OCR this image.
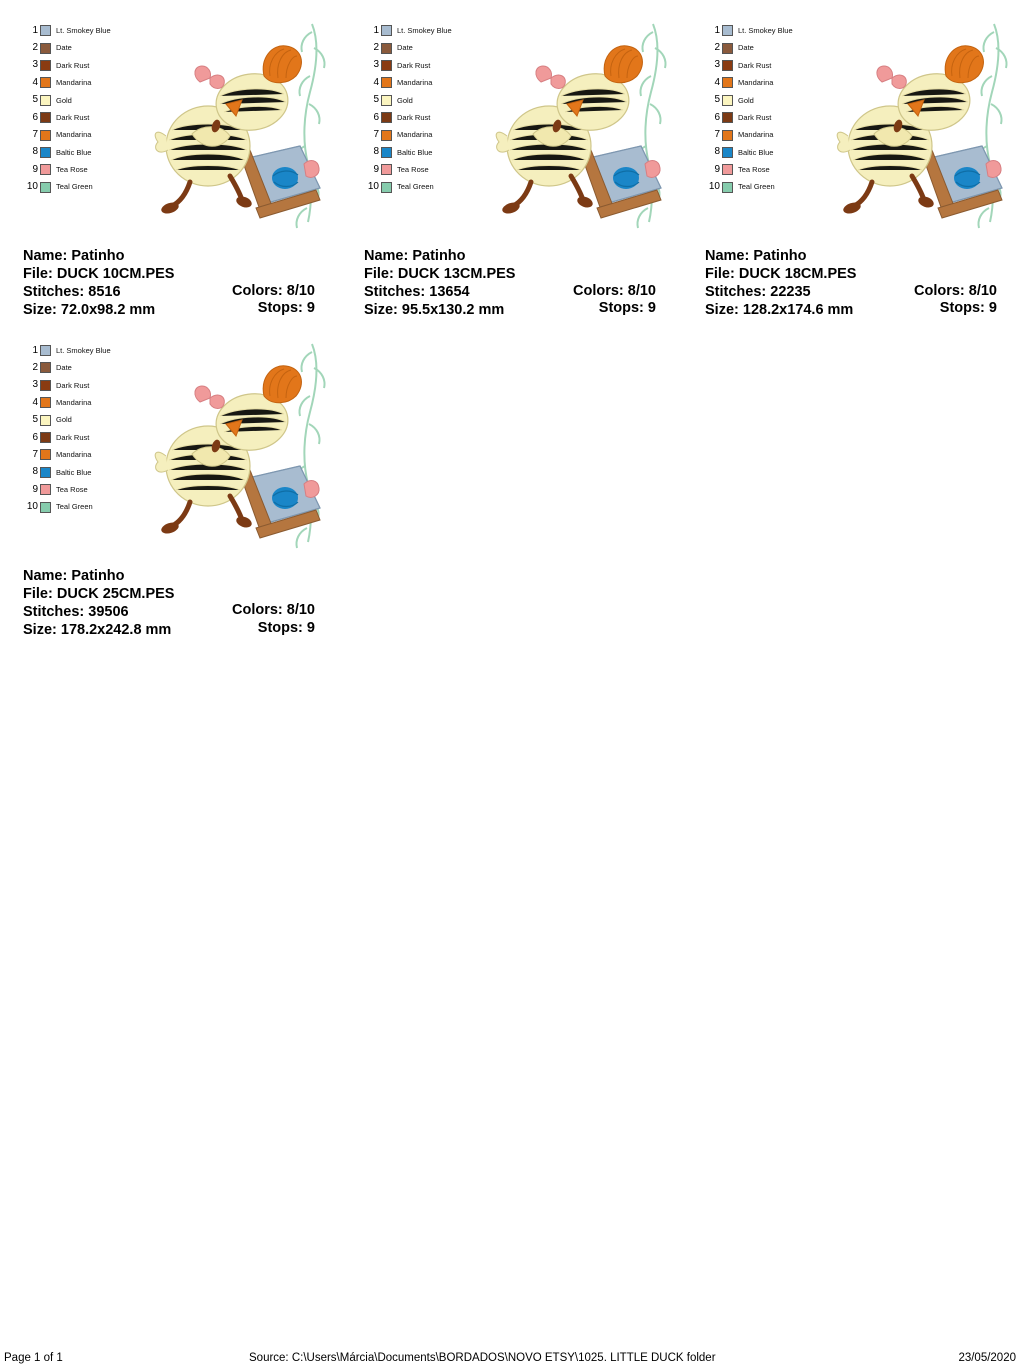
1	Lt. Smokey Blue
2	Date
3	Dark Rust
4	Mandarina
5	Gold
6	Dark Rust
7	Mandarina
8	Baltic Blue
9	Tea Rose
10	Teal Green
Name: Patinho
File: DUCK 10CM.PES
Stitches: 8516
Size: 72.0x98.2 mm
Colors: 8/10
Stops: 9
1	Lt. Smokey Blue
2	Date
3	Dark Rust
4	Mandarina
5	Gold
6	Dark Rust
7	Mandarina
8	Baltic Blue
9	Tea Rose
10	Teal Green
Name: Patinho
File: DUCK 13CM.PES
Stitches: 13654
Size: 95.5x130.2 mm
Colors: 8/10
Stops: 9
1	Lt. Smokey Blue
2	Date
3	Dark Rust
4	Mandarina
5	Gold
6	Dark Rust
7	Mandarina
8	Baltic Blue
9	Tea Rose
10	Teal Green
Name: Patinho
File: DUCK 18CM.PES
Stitches: 22235
Size: 128.2x174.6 mm
Colors: 8/10
Stops: 9
1	Lt. Smokey Blue
2	Date
3	Dark Rust
4	Mandarina
5	Gold
6	Dark Rust
7	Mandarina
8	Baltic Blue
9	Tea Rose
10	Teal Green
Name: Patinho
File: DUCK 25CM.PES
Stitches: 39506
Size: 178.2x242.8 mm
Colors: 8/10
Stops: 9
Page 1 of 1	Source: C:\Users\Márcia\Documents\BORDADOS\NOVO ETSY\1025. LITTLE DUCK folder	23/05/2020
